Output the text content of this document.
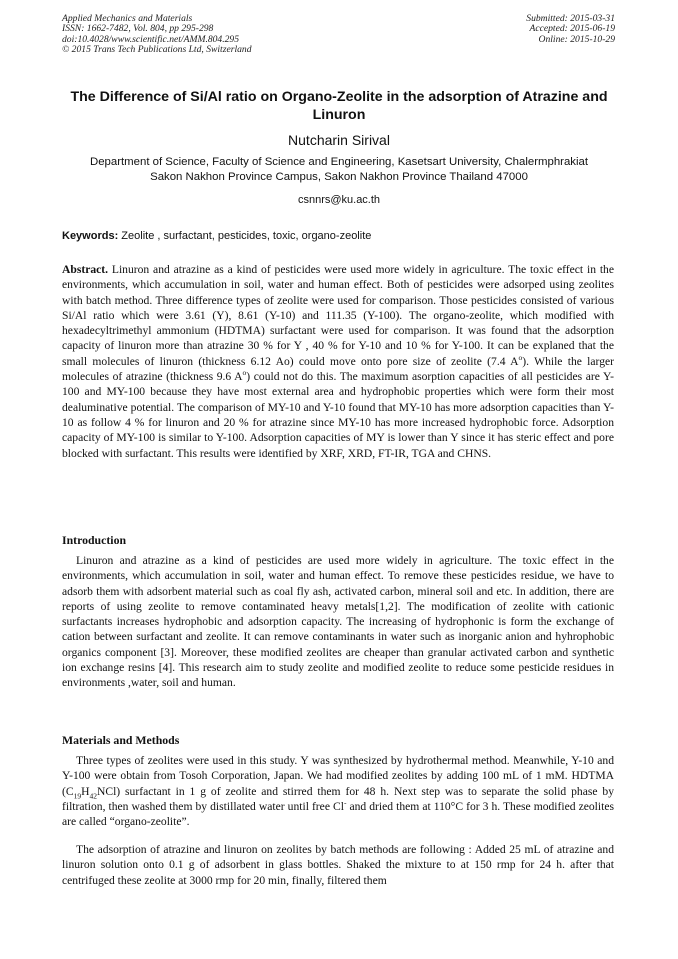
Applied Mechanics and Materials
ISSN: 1662-7482, Vol. 804, pp 295-298
doi:10.4028/www.scientific.net/AMM.804.295
© 2015 Trans Tech Publications Ltd, Switzerland
Submitted: 2015-03-31
Accepted: 2015-06-19
Online: 2015-10-29
The Difference of Si/Al ratio on Organo-Zeolite in the adsorption of Atrazine and Linuron
Nutcharin Sirival
Department of Science, Faculty of Science and Engineering, Kasetsart University, Chalermphrakiat
Sakon Nakhon Province Campus, Sakon Nakhon Province Thailand 47000
csnnrs@ku.ac.th
Keywords: Zeolite , surfactant, pesticides, toxic, organo-zeolite
Abstract. Linuron and atrazine as a kind of pesticides were used more widely in agriculture. The toxic effect in the environments, which accumulation in soil, water and human effect. Both of pesticides were adsorped using zeolites with batch method. Three difference types of zeolite were used for comparison. Those pesticides consisted of various Si/Al ratio which were 3.61 (Y), 8.61 (Y-10) and 111.35 (Y-100). The organo-zeolite, which modified with hexadecyltrimethyl ammonium (HDTMA) surfactant were used for comparison. It was found that the adsorption capacity of linuron more than atrazine 30 % for Y , 40 % for Y-10 and 10 % for Y-100. It can be explaned that the small molecules of linuron (thickness 6.12 Ao) could move onto pore size of zeolite (7.4 $A^o$). While the larger molecules of atrazine (thickness 9.6 $A^o$) could not do this. The maximum asorption capacities of all pesticides are Y-100 and MY-100 because they have most external area and hydrophobic properties which were form their most dealuminative potential. The comparison of MY-10 and Y-10 found that MY-10 has more adsorption capacities than Y-10 as follow 4 % for linuron and 20 % for atrazine since MY-10 has more increased hydrophobic force. Adsorption capacity of MY-100 is similar to Y-100. Adsorption capacities of MY is lower than Y since it has steric effect and pore blocked with surfactant. This results were identified by XRF, XRD, FT-IR, TGA and CHNS.
Introduction
Linuron and atrazine as a kind of pesticides are used more widely in agriculture. The toxic effect in the environments, which accumulation in soil, water and human effect. To remove these pesticides residue, we have to adsorb them with adsorbent material such as coal fly ash, activated carbon, mineral soil and etc. In addition, there are reports of using zeolite to remove contaminated heavy metals[1,2]. The modification of zeolite with cationic surfactants increases hydrophobic and adsorption capacity. The increasing of hydrophonic is form the exchange of cation between surfactant and zeolite. It can remove contaminants in water such as inorganic anion and hyhrophobic organics component [3]. Moreover, these modified zeolites are cheaper than granular activated carbon and synthetic ion exchange resins [4]. This research aim to study zeolite and modified zeolite to reduce some pesticide residues in environments ,water, soil and human.
Materials and Methods
Three types of zeolites were used in this study. Y was synthesized by hydrothermal method. Meanwhile, Y-10 and Y-100 were obtain from Tosoh Corporation, Japan. We had modified zeolites by adding 100 mL of 1 mM. HDTMA $(C_{19}H_{42}NCl)$ surfactant in 1 g of zeolite and stirred them for 48 h. Next step was to separate the solid phase by filtration, then washed them by distillated water until free Cl- and dried them at 110°C for 3 h. These modified zeolites are called “organo-zeolite”.
The adsorption of atrazine and linuron on zeolites by batch methods are following : Added 25 mL of atrazine and linuron solution onto 0.1 g of adsorbent in glass bottles. Shaked the mixture to at 150 rmp for 24 h. after that centrifuged these zeolite at 3000 rmp for 20 min, finally, filtered them
